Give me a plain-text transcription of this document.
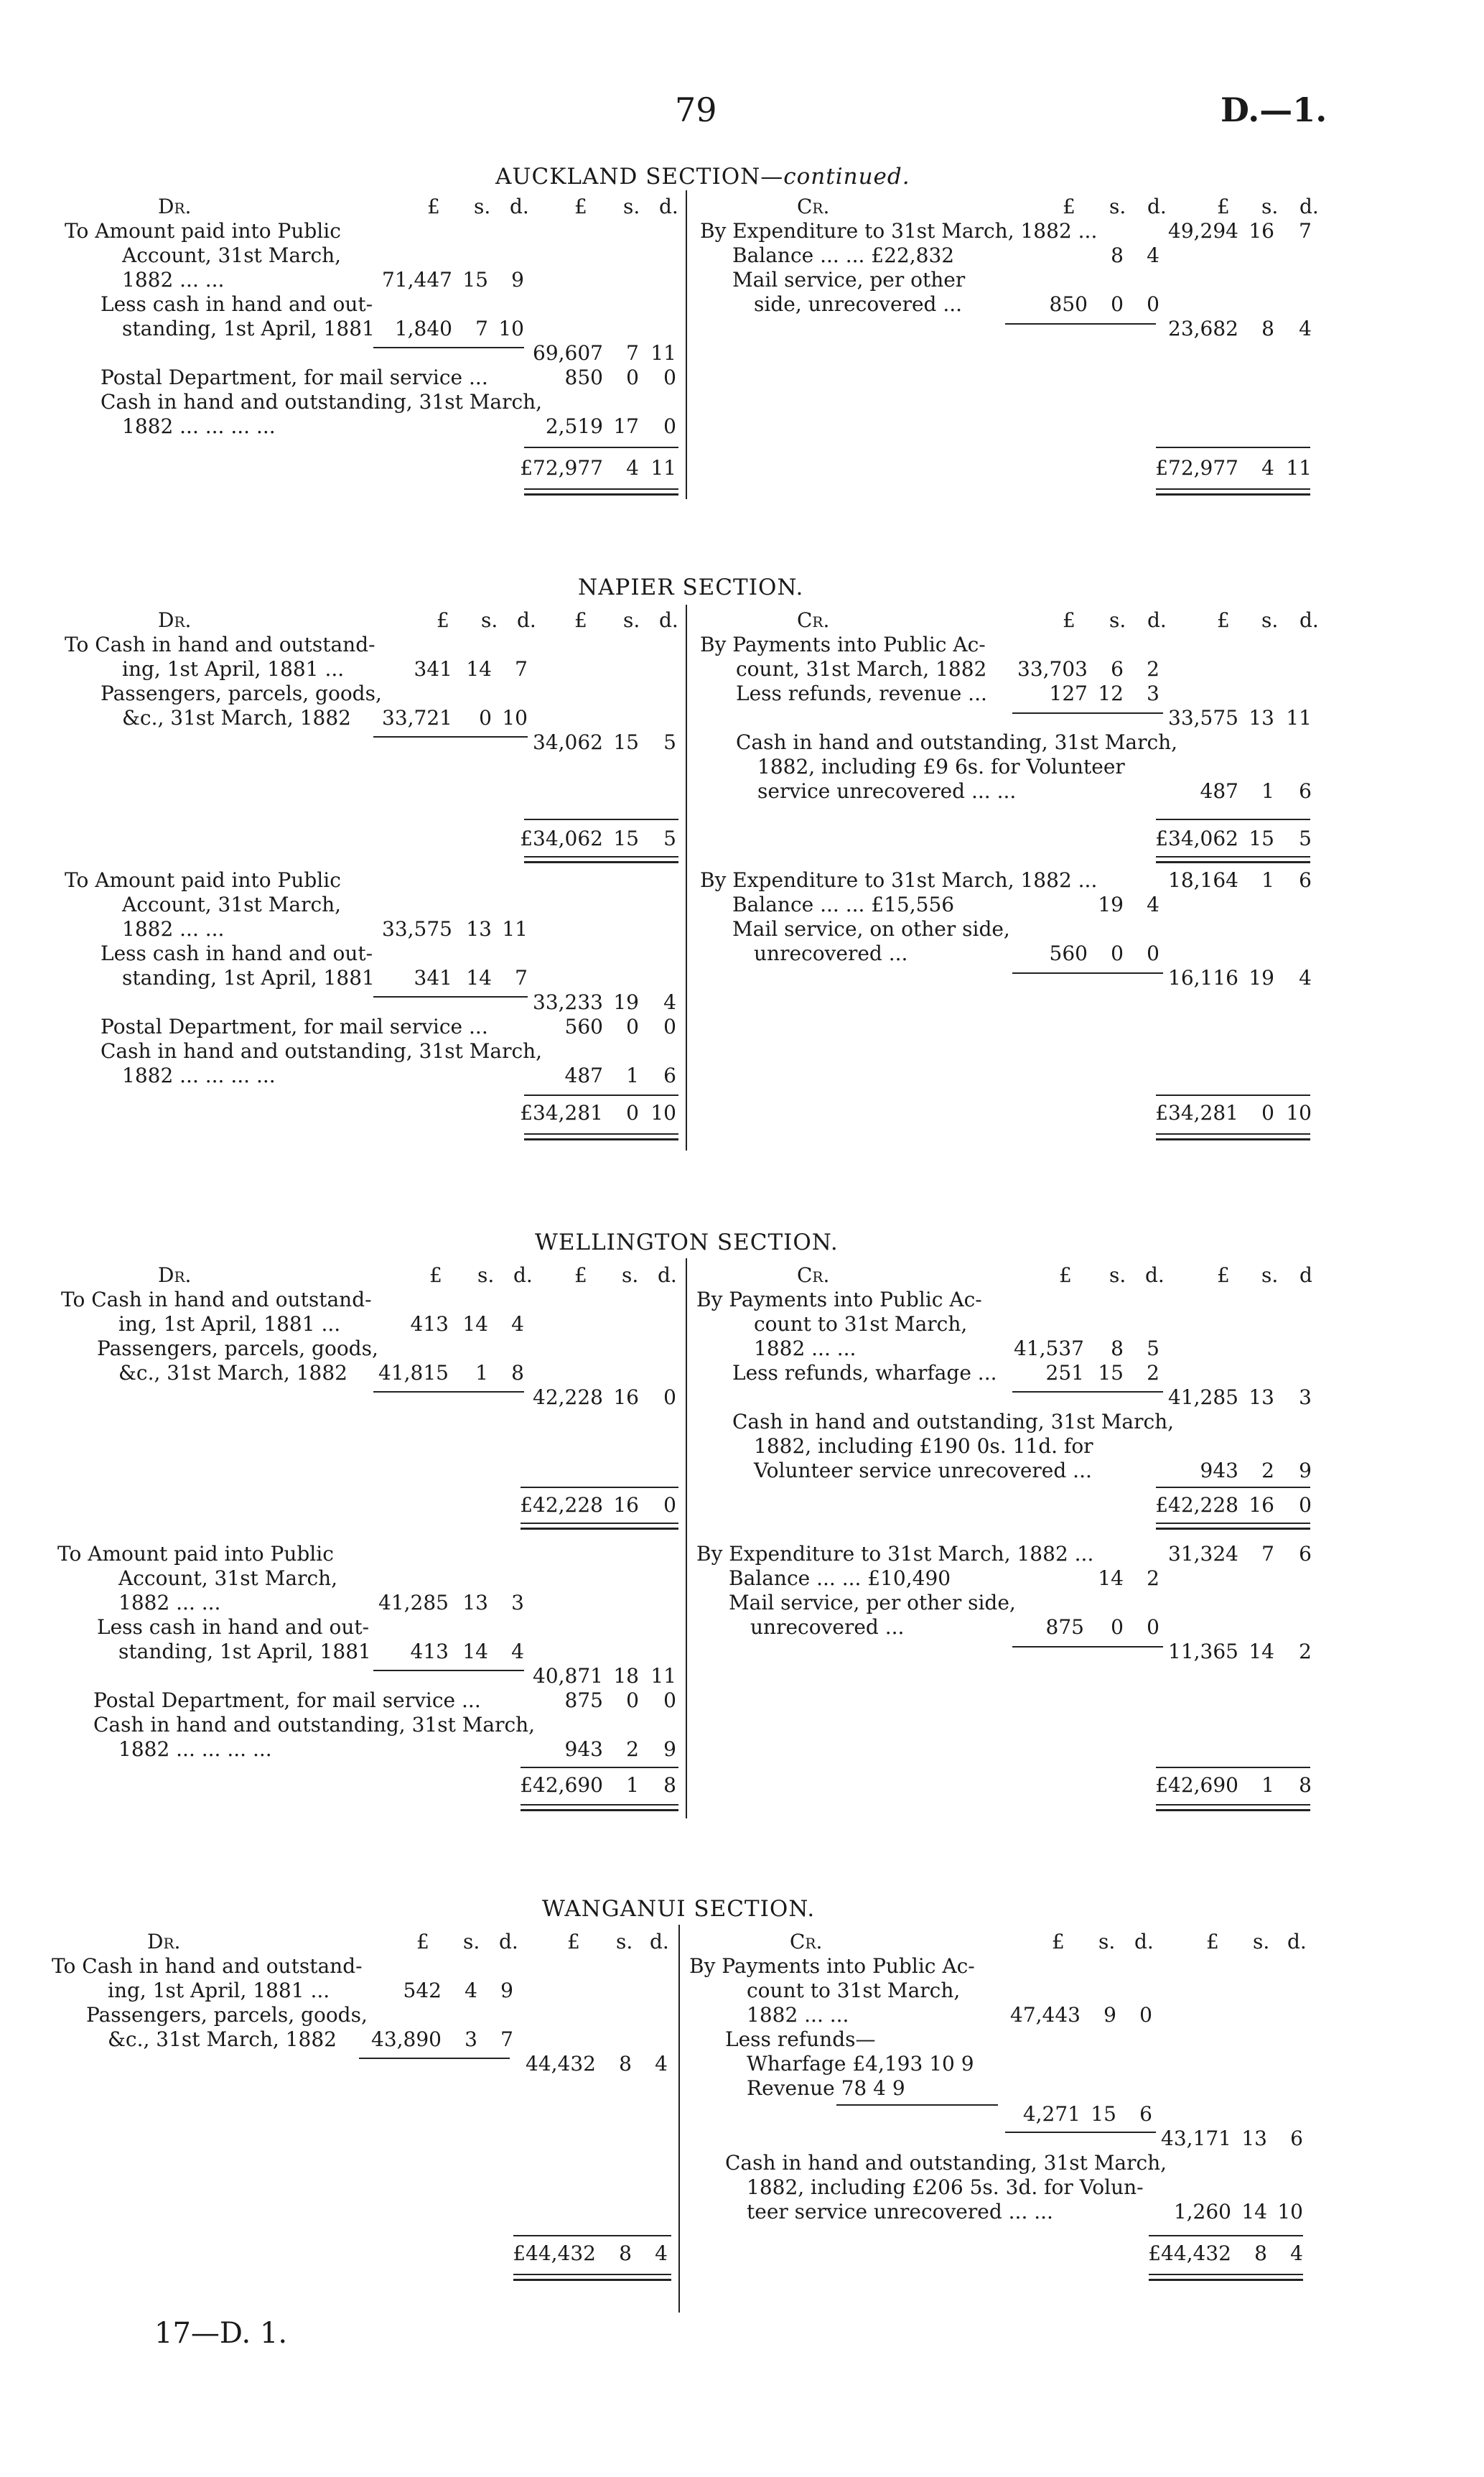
79	D.—1.
AUCKLAND SECTION—continued.
Dr.	£ s. d. £ s. d.	Cr.	£ s. d.	£ s. d.
To Amount paid into Public
Account, 31st March,
1882 ... ...	71,447 15	9
Less cash in hand and out-
standing, 1st April, 1881	1,840	7 10
69,607	7 11
Postal Department, for mail service ...	850	0	0
Cash in hand and outstanding, 31st March,
1882 ... ... ... ...	2,519 17	0
£72,977	4 11
By Expenditure to 31st March, 1882 ...	49,294 16	7
Balance ... ... £22,832	8	4
Mail service, per other
side, unrecovered ...	850	0	0
23,682	8	4
£72,977	4 11
NAPIER SECTION.
Dr.	£ s. d. £ s. d.	Cr.	£ s. d.	£ s. d.
To Cash in hand and outstand-
ing, 1st April, 1881 ...	341 14	7
Passengers, parcels, goods,
&c., 31st March, 1882	33,721	0 10
34,062 15	5
£34,062 15	5
By Payments into Public Ac-
count, 31st March, 1882	33,703	6	2
Less refunds, revenue ...	127 12	3
33,575 13 11
Cash in hand and outstanding, 31st March,
1882, including £9 6s. for Volunteer
service unrecovered ... ...	487	1	6
£34,062 15	5
To Amount paid into Public
Account, 31st March,
1882 ... ...	33,575 13 11
Less cash in hand and out-
standing, 1st April, 1881	341 14	7
33,233 19	4
Postal Department, for mail service ...	560	0	0
Cash in hand and outstanding, 31st March,
1882 ... ... ... ...	487	1	6
£34,281	0 10
By Expenditure to 31st March, 1882 ...	18,164	1	6
Balance ... ... £15,556	19	4
Mail service, on other side,
unrecovered ...	560	0	0
16,116 19	4
£34,281	0 10
WELLINGTON SECTION.
Dr.	£ s. d. £ s. d.	Cr.	£ s. d.	£ s. d
To Cash in hand and outstand-
ing, 1st April, 1881 ...	413 14	4
Passengers, parcels, goods,
&c., 31st March, 1882	41,815	1	8
42,228 16	0
£42,228 16	0
By Payments into Public Ac-
count to 31st March,
1882 ... ...	41,537	8	5
Less refunds, wharfage ...	251 15	2
41,285 13	3
Cash in hand and outstanding, 31st March,
1882, including £190 0s. 11d. for
Volunteer service unrecovered ...	943	2	9
£42,228 16	0
To Amount paid into Public
Account, 31st March,
1882 ... ...	41,285 13	3
Less cash in hand and out-
standing, 1st April, 1881	413 14	4
40,871 18 11
Postal Department, for mail service ...	875	0	0
Cash in hand and outstanding, 31st March,
1882 ... ... ... ...	943	2	9
£42,690	1	8
By Expenditure to 31st March, 1882 ...	31,324	7	6
Balance ... ... £10,490	14	2
Mail service, per other side,
unrecovered ...	875	0	0
11,365 14	2
£42,690	1	8
WANGANUI SECTION.
Dr.	£ s. d. £ s. d.	Cr.	£ s. d.	£ s. d.
To Cash in hand and outstand-
ing, 1st April, 1881 ...	542	4	9
Passengers, parcels, goods,
&c., 31st March, 1882	43,890	3	7
44,432	8	4
£44,432	8	4
By Payments into Public Ac-
count to 31st March,
1882 ... ...	47,443	9	0
Less refunds—
Wharfage £4,193 10 9
Revenue 78 4 9
4,271 15	6
43,171 13	6
Cash in hand and outstanding, 31st March,
1882, including £206 5s. 3d. for Volun-
teer service unrecovered ... ...	1,260 14 10
£44,432	8	4
17—D. 1.
